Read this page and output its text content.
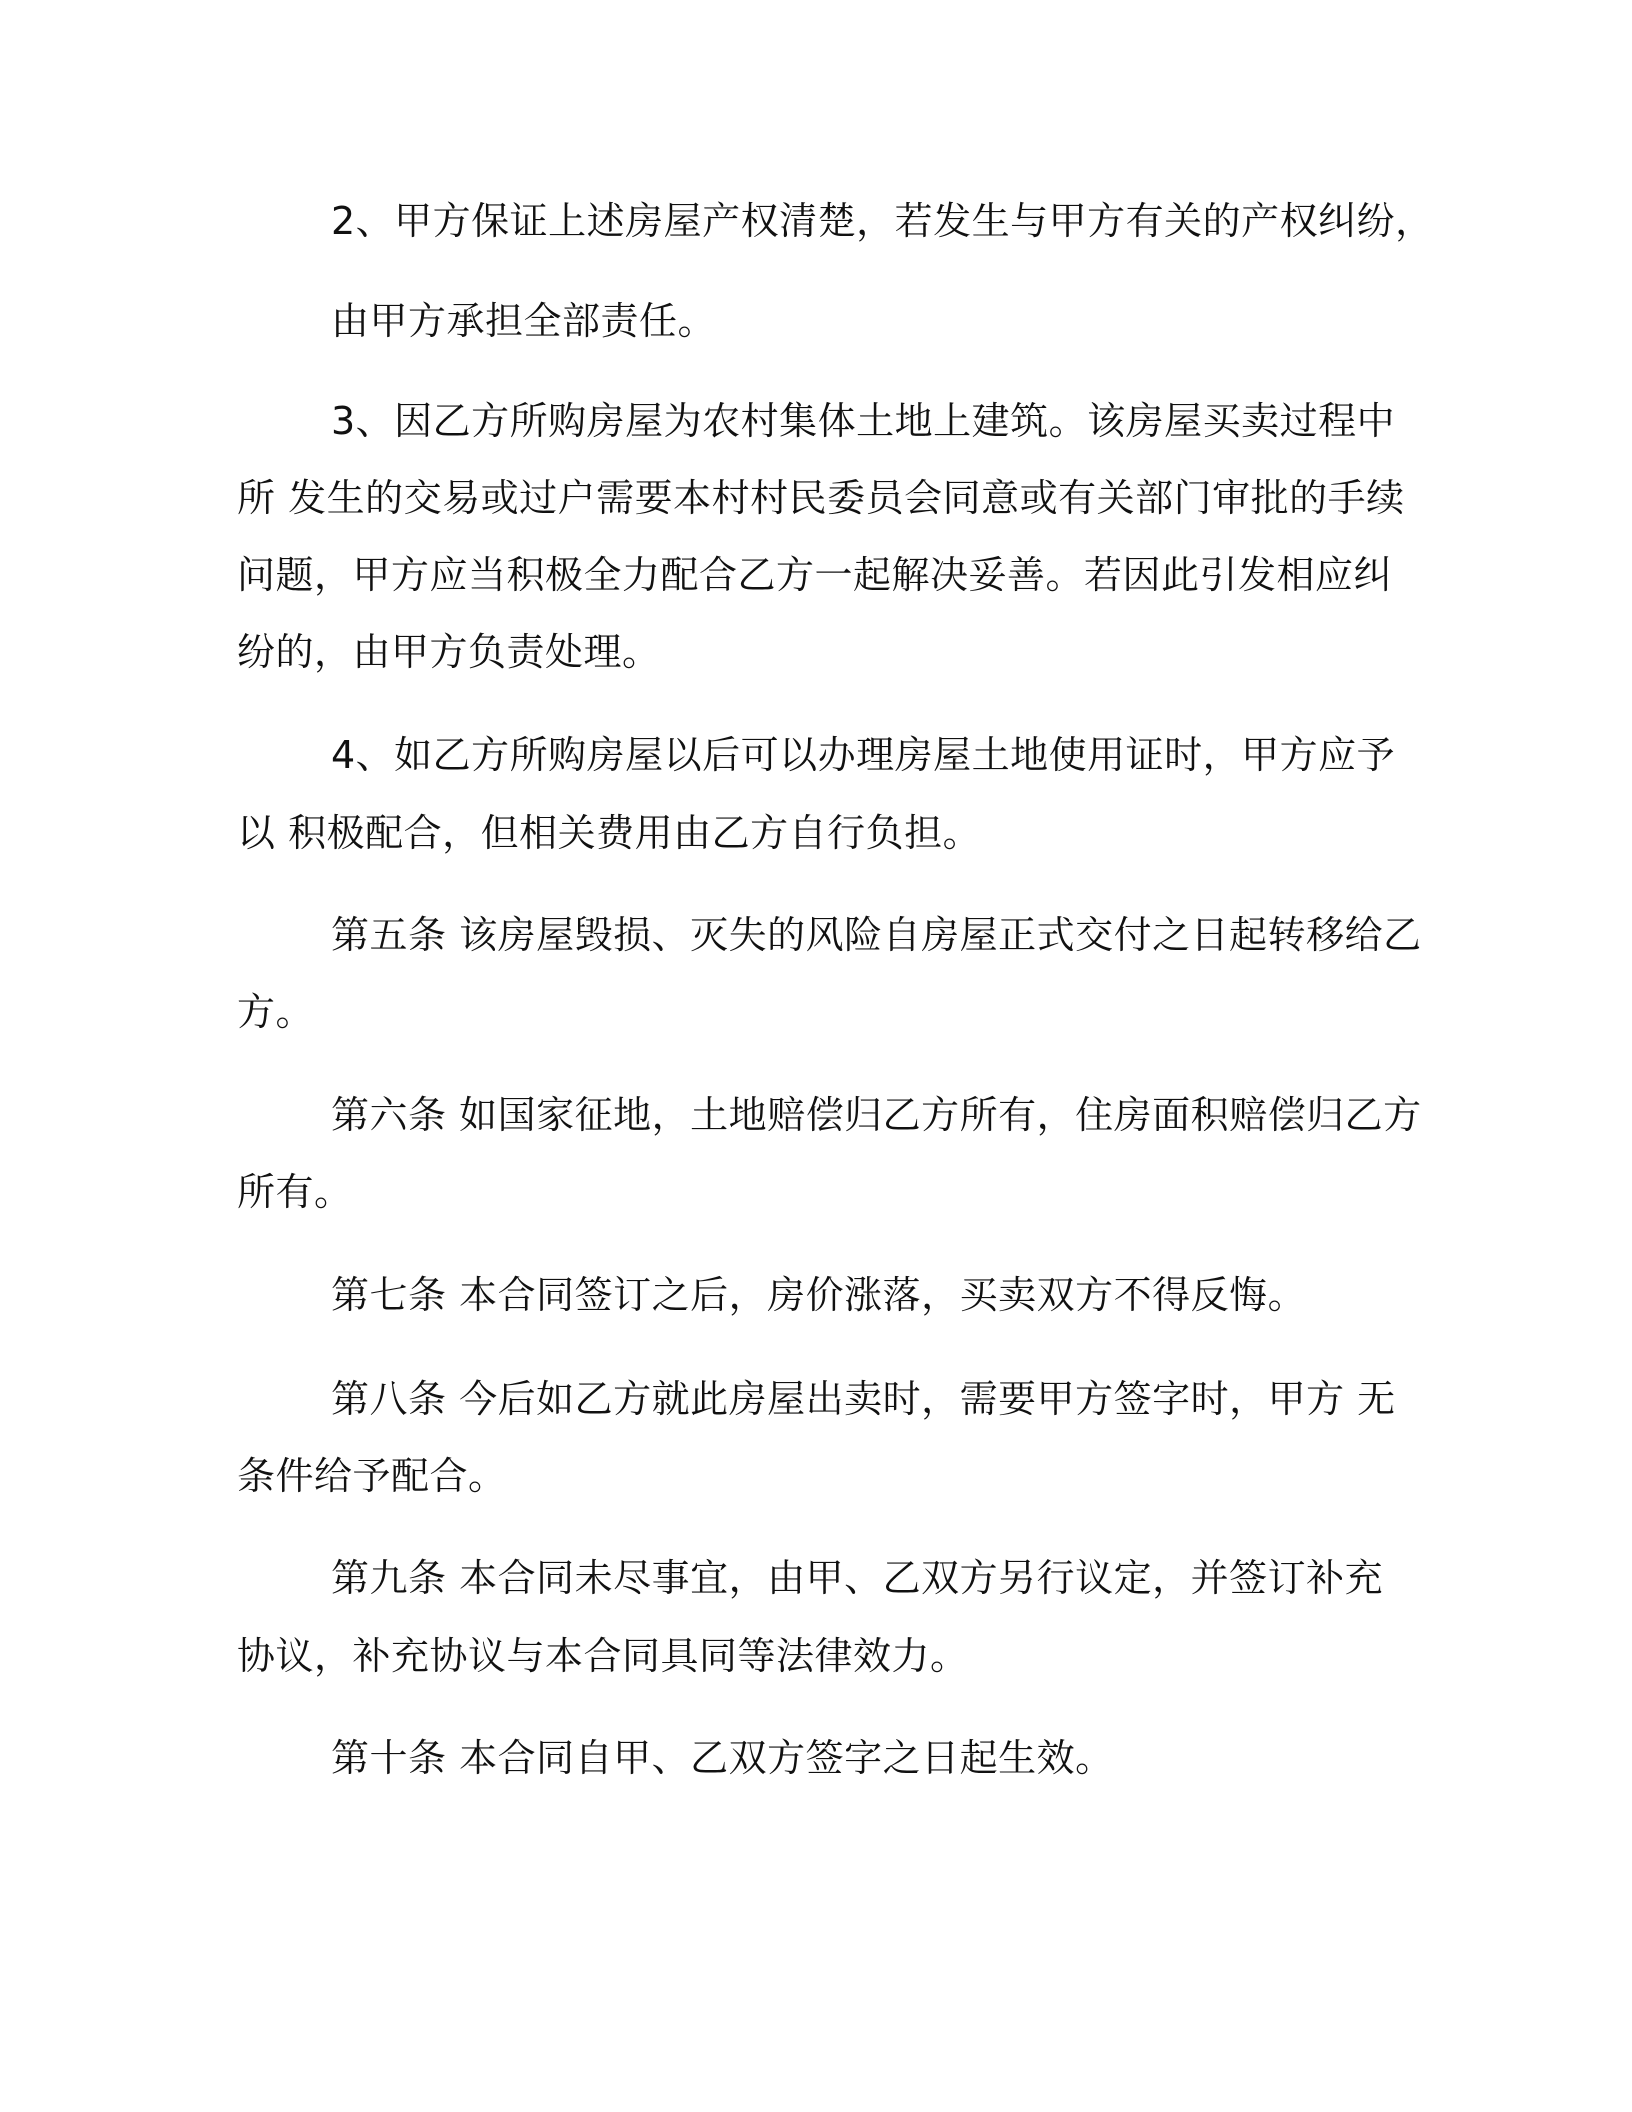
2、甲方保证上述房屋产权清楚，若发生与甲方有关的产权纠纷，

由甲方承担全部责任。

3、因乙方所购房屋为农村集体土地上建筑。该房屋买卖过程中

所 发生的交易或过户需要本村村民委员会同意或有关部门审批的手续

问题，甲方应当积极全力配合乙方一起解决妥善。若因此引发相应纠

纷的，由甲方负责处理。

4、如乙方所购房屋以后可以办理房屋土地使用证时，甲方应予

以 积极配合，但相关费用由乙方自行负担。

第五条 该房屋毁损、灭失的风险自房屋正式交付之日起转移给乙

方。

第六条 如国家征地，土地赔偿归乙方所有，住房面积赔偿归乙方

所有。

第七条 本合同签订之后，房价涨落，买卖双方不得反悔。

第八条 今后如乙方就此房屋出卖时，需要甲方签字时，甲方 无

条件给予配合。

第九条 本合同未尽事宜，由甲、乙双方另行议定，并签订补充

协议，补充协议与本合同具同等法律效力。

第十条 本合同自甲、乙双方签字之日起生效。
